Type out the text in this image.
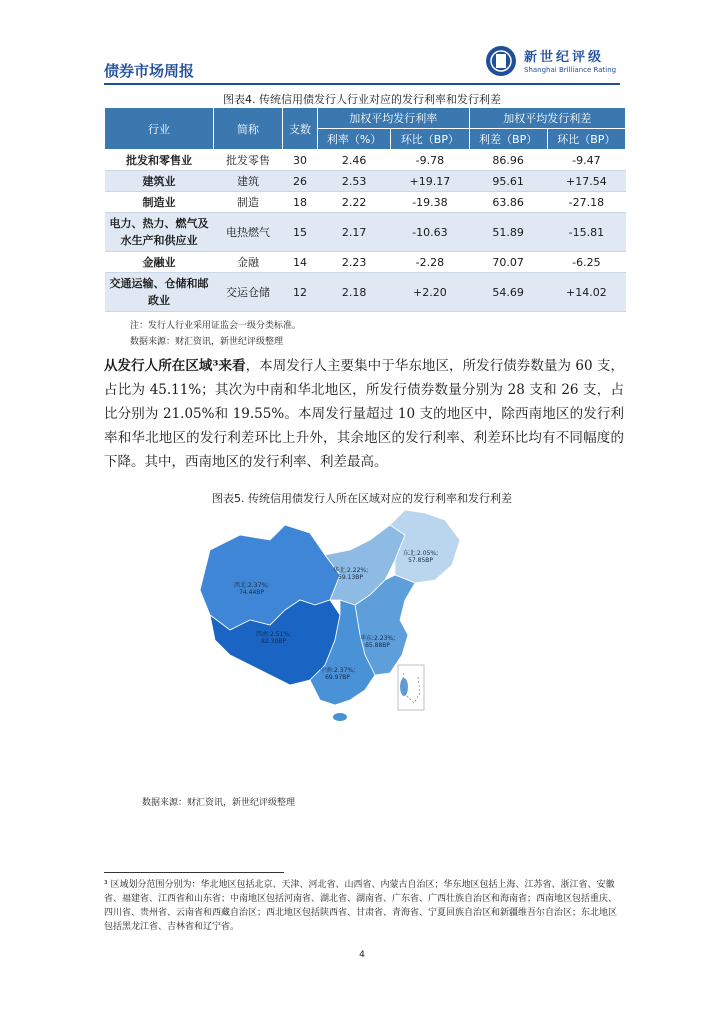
债券市场周报
新世纪评级
Shanghai Brilliance Rating
图表4. 传统信用债发行人行业对应的发行利率和发行利差
行业	简称	支数	加权平均发行利率		加权平均发行利差	
			利率（%）	环比（BP）	利差（BP）	环比（BP）
批发和零售业	批发零售	30	2.46	-9.78	86.96	-9.47
建筑业	建筑	26	2.53	+19.17	95.61	+17.54
制造业	制造	18	2.22	-19.38	63.86	-27.18
电力、热力、燃气及水生产和供应业	电热燃气	15	2.17	-10.63	51.89	-15.81
金融业	金融	14	2.23	-2.28	70.07	-6.25
交通运输、仓储和邮政业	交运仓储	12	2.18	+2.20	54.69	+14.02
注：发行人行业采用证监会一级分类标准。
数据来源：财汇资讯，新世纪评级整理
从发行人所在区域³来看，本周发行人主要集中于华东地区，所发行债券数量为 60 支，占比为 45.11%；其次为中南和华北地区，所发行债券数量分别为 28 支和 26 支，占比分别为 21.05%和 19.55%。本周发行量超过 10 支的地区中，除西南地区的发行利率和华北地区的发行利差环比上升外，其余地区的发行利率、利差环比均有不同幅度的下降。其中，西南地区的发行利率、利差最高。
图表5. 传统信用债发行人所在区域对应的发行利率和发行利差
东北:2.05%;
57.85BP
华北:2.22%;
59.13BP
西北:2.37%;
74.44BP
西南:2.51%;
82.30BP	华东:2.23%;
65.88BP
中南:2.37%;
69.97BP
数据来源：财汇资讯，新世纪评级整理
³ 区域划分范围分别为：华北地区包括北京、天津、河北省、山西省、内蒙古自治区；华东地区包括上海、江苏省、浙江省、安徽省、福建省、江西省和山东省；中南地区包括河南省、湖北省、湖南省、广东省、广西壮族自治区和海南省；西南地区包括重庆、四川省、贵州省、云南省和西藏自治区；西北地区包括陕西省、甘肃省、青海省、宁夏回族自治区和新疆维吾尔自治区；东北地区包括黑龙江省、吉林省和辽宁省。
4
